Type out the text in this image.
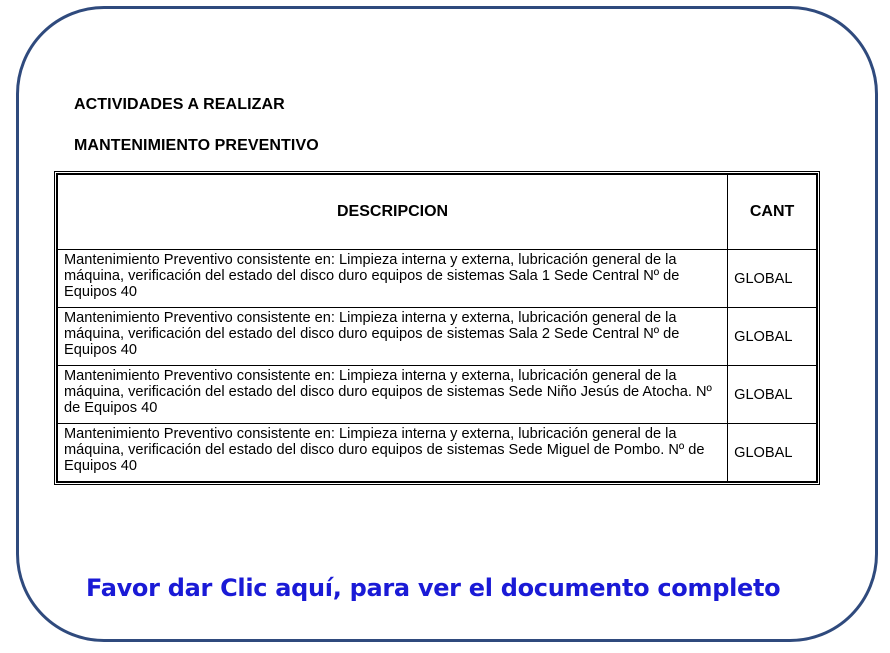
ACTIVIDADES A REALIZAR
MANTENIMIENTO PREVENTIVO
DESCRIPCION	CANT
Mantenimiento Preventivo consistente en: Limpieza interna y externa, lubricación general de la máquina, verificación del estado del disco duro equipos de sistemas Sala 1 Sede Central Nº de Equipos 40	GLOBAL
Mantenimiento Preventivo consistente en: Limpieza interna y externa, lubricación general de la máquina, verificación del estado del disco duro equipos de sistemas Sala 2 Sede Central Nº de Equipos 40	GLOBAL
Mantenimiento Preventivo consistente en: Limpieza interna y externa, lubricación general de la máquina, verificación del estado del disco duro equipos de sistemas Sede Niño Jesús de Atocha. Nº de Equipos 40	GLOBAL
Mantenimiento Preventivo consistente en: Limpieza interna y externa, lubricación general de la máquina, verificación del estado del disco duro equipos de sistemas Sede Miguel de Pombo. Nº de Equipos 40	GLOBAL
Favor dar Clic aquí, para ver el documento completo
